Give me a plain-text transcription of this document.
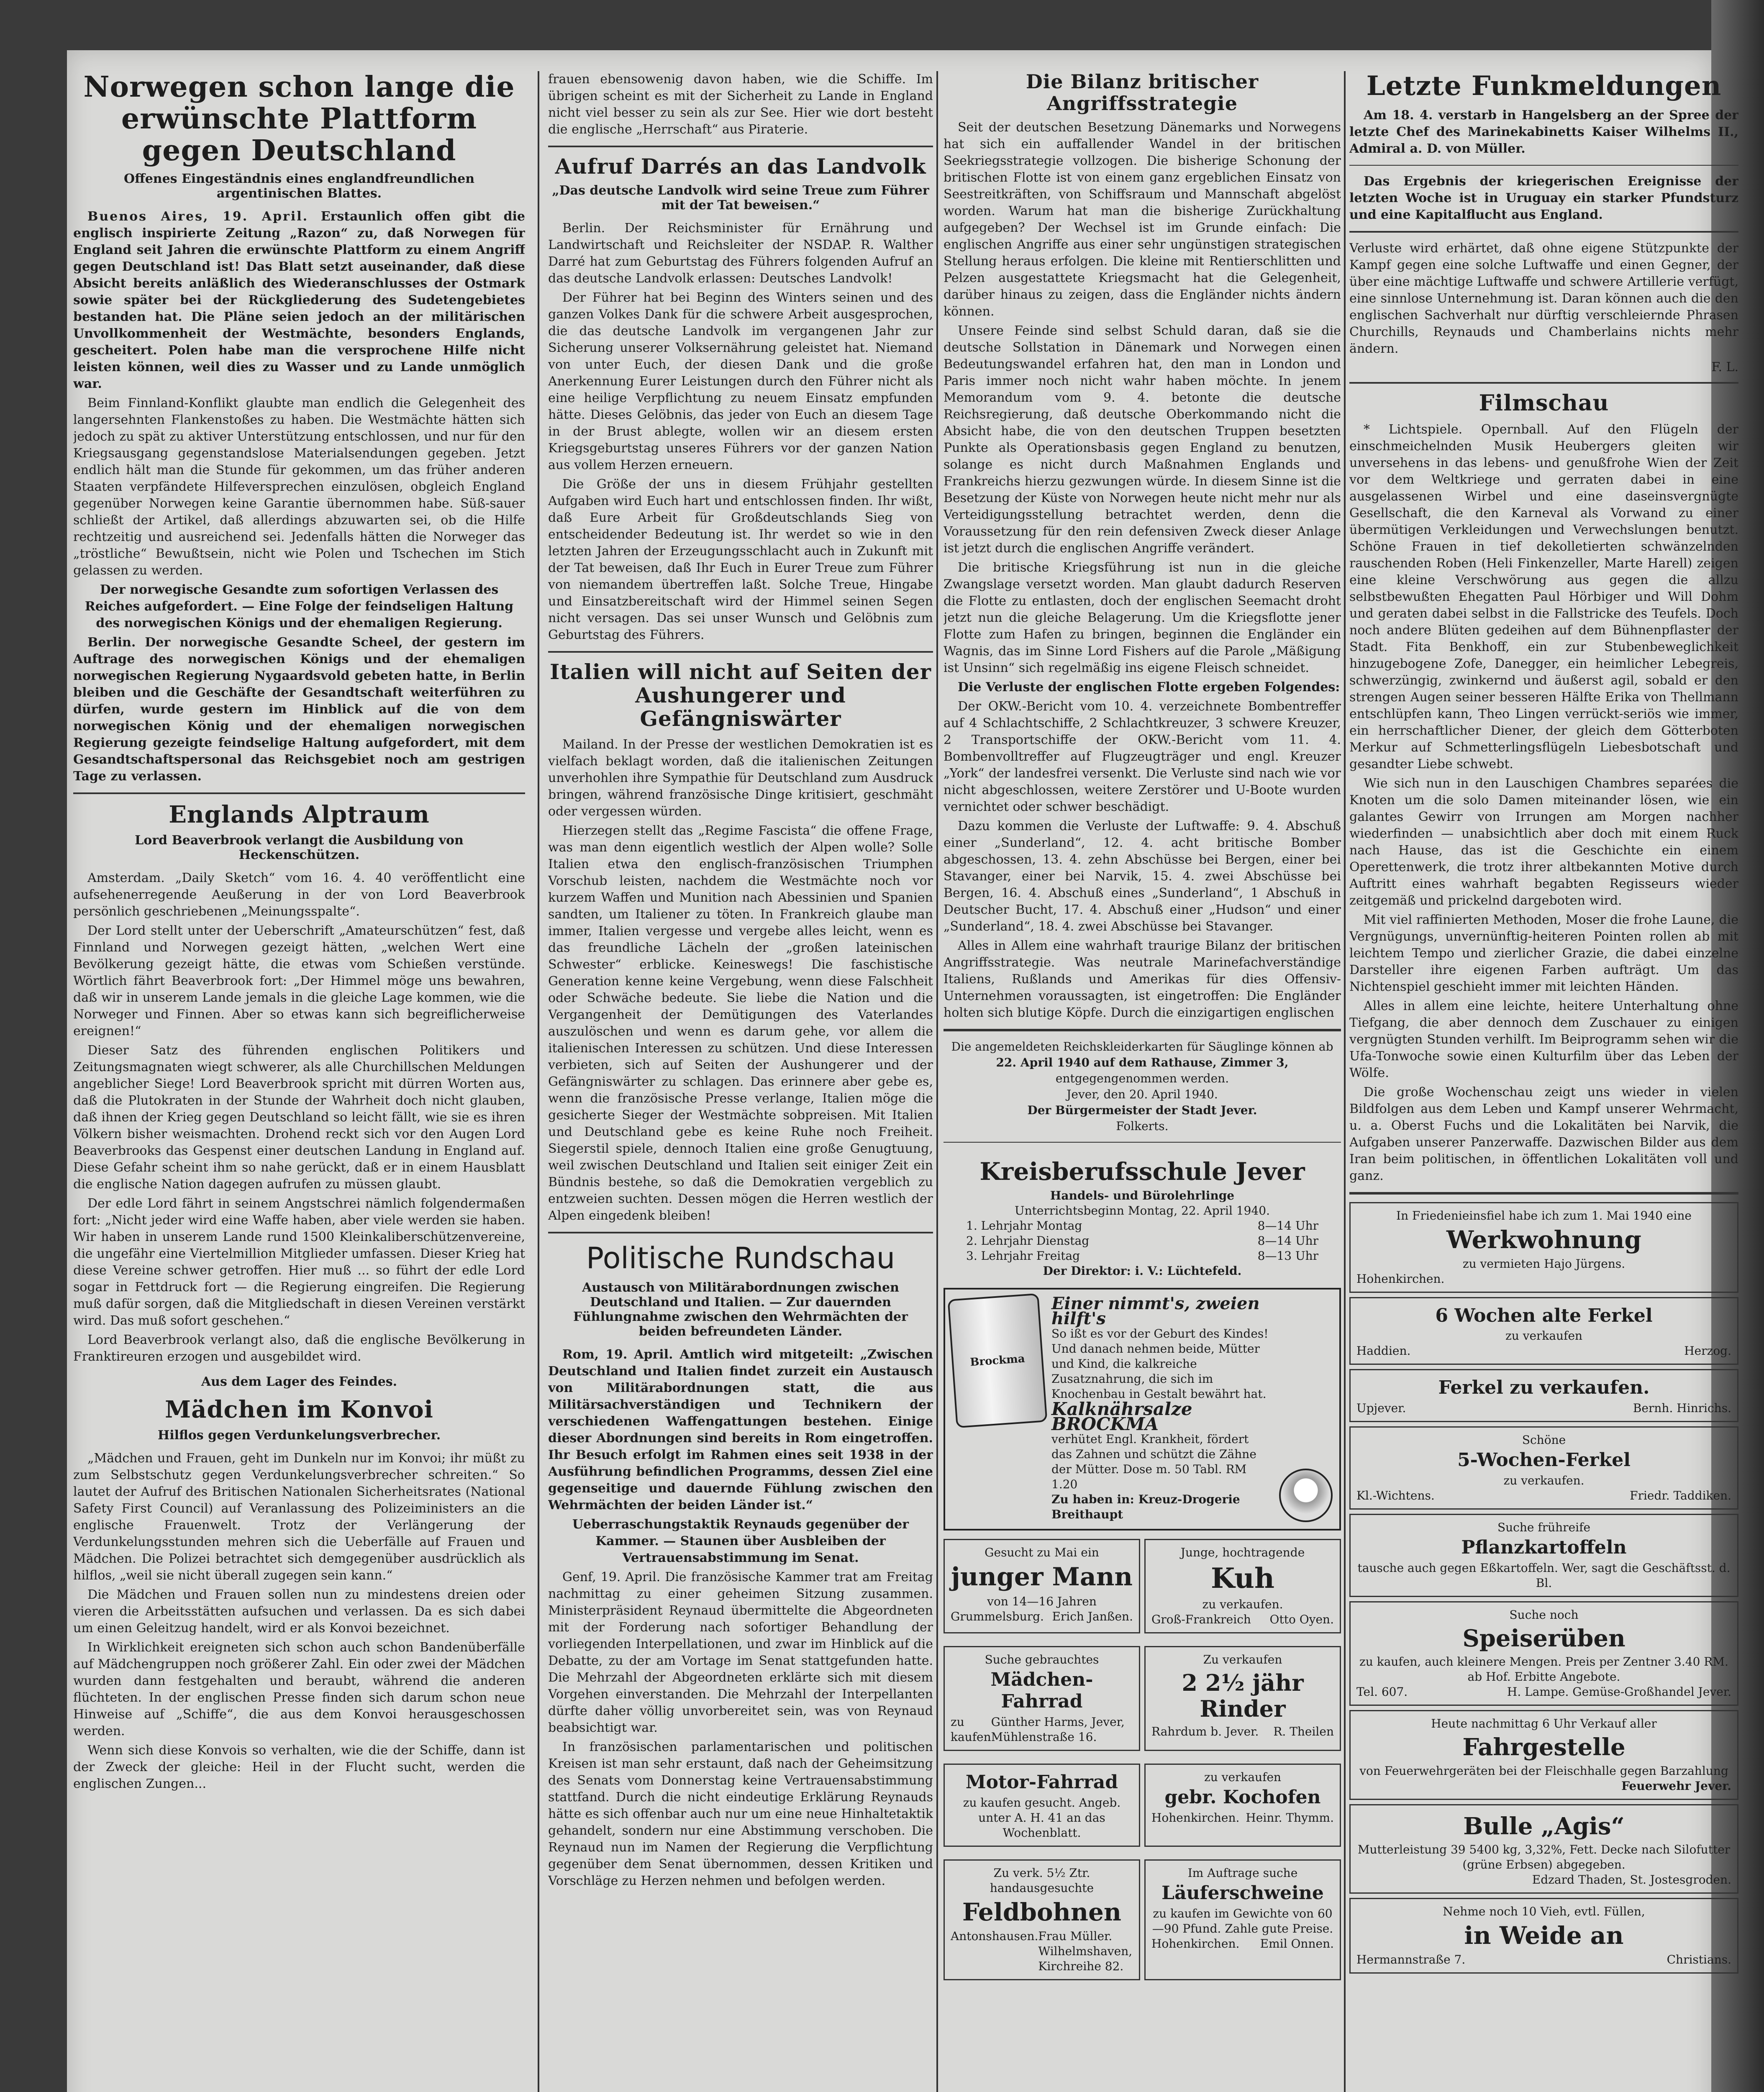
Norwegen schon lange die erwünschte Plattform gegen Deutschland
Offenes Eingeständnis eines englandfreundlichen argentinischen Blattes.

Buenos Aires, 19. April. Erstaunlich offen gibt die englisch inspirierte Zeitung „Razon“ zu, daß Norwegen für England seit Jahren die erwünschte Plattform zu einem Angriff gegen Deutschland ist! Das Blatt setzt auseinander, daß diese Absicht bereits anläßlich des Wiederanschlusses der Ostmark sowie später bei der Rückgliederung des Sudetengebietes bestanden hat. Die Pläne seien jedoch an der militärischen Unvollkommenheit der Westmächte, besonders Englands, gescheitert. Polen habe man die versprochene Hilfe nicht leisten können, weil dies zu Wasser und zu Lande unmöglich war.

Beim Finnland-Konflikt glaubte man endlich die Gelegenheit des langersehnten Flankenstoßes zu haben. Die Westmächte hätten sich jedoch zu spät zu aktiver Unterstützung entschlossen, und nur für den Kriegsausgang gegenstandslose Materialsendungen gegeben. Jetzt endlich hält man die Stunde für gekommen, um das früher anderen Staaten verpfändete Hilfeversprechen einzulösen, obgleich England gegenüber Norwegen keine Garantie übernommen habe. Süß-sauer schließt der Artikel, daß allerdings abzuwarten sei, ob die Hilfe rechtzeitig und ausreichend sei. Jedenfalls hätten die Norweger das „tröstliche“ Bewußtsein, nicht wie Polen und Tschechen im Stich gelassen zu werden.

Der norwegische Gesandte zum sofortigen Verlassen des Reiches aufgefordert. — Eine Folge der feindseligen Haltung des norwegischen Königs und der ehemaligen Regierung.

Berlin. Der norwegische Gesandte Scheel, der gestern im Auftrage des norwegischen Königs und der ehemaligen norwegischen Regierung Nygaardsvold gebeten hatte, in Berlin bleiben und die Geschäfte der Gesandtschaft weiterführen zu dürfen, wurde gestern im Hinblick auf die von dem norwegischen König und der ehemaligen norwegischen Regierung gezeigte feindselige Haltung aufgefordert, mit dem Gesandtschaftspersonal das Reichsgebiet noch am gestrigen Tage zu verlassen.

Englands Alptraum
Lord Beaverbrook verlangt die Ausbildung von Heckenschützen.

Amsterdam. „Daily Sketch“ vom 16. 4. 40 veröffentlicht eine aufsehenerregende Aeußerung in der von Lord Beaverbrook persönlich geschriebenen „Meinungsspalte“.

Der Lord stellt unter der Ueberschrift „Amateurschützen“ fest, daß Finnland und Norwegen gezeigt hätten, „welchen Wert eine Bevölkerung gezeigt hätte, die etwas vom Schießen verstünde. Wörtlich fährt Beaverbrook fort: „Der Himmel möge uns bewahren, daß wir in unserem Lande jemals in die gleiche Lage kommen, wie die Norweger und Finnen. Aber so etwas kann sich begreiflicherweise ereignen!“

Dieser Satz des führenden englischen Politikers und Zeitungsmagnaten wiegt schwerer, als alle Churchillschen Meldungen angeblicher Siege! Lord Beaverbrook spricht mit dürren Worten aus, daß die Plutokraten in der Stunde der Wahrheit doch nicht glauben, daß ihnen der Krieg gegen Deutschland so leicht fällt, wie sie es ihren Völkern bisher weismachten. Drohend reckt sich vor den Augen Lord Beaverbrooks das Gespenst einer deutschen Landung in England auf. Diese Gefahr scheint ihm so nahe gerückt, daß er in einem Hausblatt die englische Nation dagegen aufrufen zu müssen glaubt.

Der edle Lord fährt in seinem Angstschrei nämlich folgendermaßen fort: „Nicht jeder wird eine Waffe haben, aber viele werden sie haben. Wir haben in unserem Lande rund 1500 Kleinkaliberschützenvereine, die ungefähr eine Viertelmillion Mitglieder umfassen. Dieser Krieg hat diese Vereine schwer getroffen. Hier muß ... so führt der edle Lord sogar in Fettdruck fort — die Regierung eingreifen. Die Regierung muß dafür sorgen, daß die Mitgliedschaft in diesen Vereinen verstärkt wird. Das muß sofort geschehen.“

Lord Beaverbrook verlangt also, daß die englische Bevölkerung in Franktireuren erzogen und ausgebildet wird.

Aus dem Lager des Feindes.
Mädchen im Konvoi
Hilflos gegen Verdunkelungsverbrecher.

„Mädchen und Frauen, geht im Dunkeln nur im Konvoi; ihr müßt zu zum Selbstschutz gegen Verdunkelungsverbrecher schreiten.“ So lautet der Aufruf des Britischen Nationalen Sicherheitsrates (National Safety First Council) auf Veranlassung des Polizeiministers an die englische Frauenwelt. Trotz der Verlängerung der Verdunkelungsstunden mehren sich die Ueberfälle auf Frauen und Mädchen. Die Polizei betrachtet sich demgegenüber ausdrücklich als hilflos, „weil sie nicht überall zugegen sein kann.“

Die Mädchen und Frauen sollen nun zu mindestens dreien oder vieren die Arbeitsstätten aufsuchen und verlassen. Da es sich dabei um einen Geleitzug handelt, wird er als Konvoi bezeichnet.

In Wirklichkeit ereigneten sich schon auch schon Bandenüberfälle auf Mädchengruppen noch größerer Zahl. Ein oder zwei der Mädchen wurden dann festgehalten und beraubt, während die anderen flüchteten. In der englischen Presse finden sich darum schon neue Hinweise auf „Schiffe“, die aus dem Konvoi herausgeschossen werden.

Wenn sich diese Konvois so verhalten, wie die der Schiffe, dann ist der Zweck der gleiche: Heil in der Flucht sucht, werden die englischen Zungen...

frauen ebensowenig davon haben, wie die Schiffe. Im übrigen scheint es mit der Sicherheit zu Lande in England nicht viel besser zu sein als zur See. Hier wie dort besteht die englische „Herrschaft“ aus Piraterie.

Aufruf Darrés an das Landvolk
„Das deutsche Landvolk wird seine Treue zum Führer mit der Tat beweisen.“

Berlin. Der Reichsminister für Ernährung und Landwirtschaft und Reichsleiter der NSDAP. R. Walther Darré hat zum Geburtstag des Führers folgenden Aufruf an das deutsche Landvolk erlassen: Deutsches Landvolk!

Der Führer hat bei Beginn des Winters seinen und des ganzen Volkes Dank für die schwere Arbeit ausgesprochen, die das deutsche Landvolk im vergangenen Jahr zur Sicherung unserer Volksernährung geleistet hat. Niemand von unter Euch, der diesen Dank und die große Anerkennung Eurer Leistungen durch den Führer nicht als eine heilige Verpflichtung zu neuem Einsatz empfunden hätte. Dieses Gelöbnis, das jeder von Euch an diesem Tage in der Brust ablegte, wollen wir an diesem ersten Kriegsgeburtstag unseres Führers vor der ganzen Nation aus vollem Herzen erneuern.

Die Größe der uns in diesem Frühjahr gestellten Aufgaben wird Euch hart und entschlossen finden. Ihr wißt, daß Eure Arbeit für Großdeutschlands Sieg von entscheidender Bedeutung ist. Ihr werdet so wie in den letzten Jahren der Erzeugungsschlacht auch in Zukunft mit der Tat beweisen, daß Ihr Euch in Eurer Treue zum Führer von niemandem übertreffen laßt. Solche Treue, Hingabe und Einsatzbereitschaft wird der Himmel seinen Segen nicht versagen. Das sei unser Wunsch und Gelöbnis zum Geburtstag des Führers.

Italien will nicht auf Seiten der Aushungerer und Gefängniswärter

Mailand. In der Presse der westlichen Demokratien ist es vielfach beklagt worden, daß die italienischen Zeitungen unverhohlen ihre Sympathie für Deutschland zum Ausdruck bringen, während französische Dinge kritisiert, geschmäht oder vergessen würden.

Hierzegen stellt das „Regime Fascista“ die offene Frage, was man denn eigentlich westlich der Alpen wolle? Solle Italien etwa den englisch-französischen Triumphen Vorschub leisten, nachdem die Westmächte noch vor kurzem Waffen und Munition nach Abessinien und Spanien sandten, um Italiener zu töten. In Frankreich glaube man immer, Italien vergesse und vergebe alles leicht, wenn es das freundliche Lächeln der „großen lateinischen Schwester“ erblicke. Keineswegs! Die faschistische Generation kenne keine Vergebung, wenn diese Falschheit oder Schwäche bedeute. Sie liebe die Nation und die Vergangenheit der Demütigungen des Vaterlandes auszulöschen und wenn es darum gehe, vor allem die italienischen Interessen zu schützen. Und diese Interessen verbieten, sich auf Seiten der Aushungerer und der Gefängniswärter zu schlagen. Das erinnere aber gebe es, wenn die französische Presse verlange, Italien möge die gesicherte Sieger der Westmächte sobpreisen. Mit Italien und Deutschland gebe es keine Ruhe noch Freiheit. Siegerstil spiele, dennoch Italien eine große Genugtuung, weil zwischen Deutschland und Italien seit einiger Zeit ein Bündnis bestehe, so daß die Demokratien vergeblich zu entzweien suchten. Dessen mögen die Herren westlich der Alpen eingedenk bleiben!

Politische Rundschau
Austausch von Militärabordnungen zwischen Deutschland und Italien. — Zur dauernden Fühlungnahme zwischen den Wehrmächten der beiden befreundeten Länder.

Rom, 19. April. Amtlich wird mitgeteilt: „Zwischen Deutschland und Italien findet zurzeit ein Austausch von Militärabordnungen statt, die aus Militärsachverständigen und Technikern der verschiedenen Waffengattungen bestehen. Einige dieser Abordnungen sind bereits in Rom eingetroffen. Ihr Besuch erfolgt im Rahmen eines seit 1938 in der Ausführung befindlichen Programms, dessen Ziel eine gegenseitige und dauernde Fühlung zwischen den Wehrmächten der beiden Länder ist.“

Ueberraschungstaktik Reynauds gegenüber der Kammer. — Staunen über Ausbleiben der Vertrauensabstimmung im Senat.

Genf, 19. April. Die französische Kammer trat am Freitag nachmittag zu einer geheimen Sitzung zusammen. Ministerpräsident Reynaud übermittelte die Abgeordneten mit der Forderung nach sofortiger Behandlung der vorliegenden Interpellationen, und zwar im Hinblick auf die Debatte, zu der am Vortage im Senat stattgefunden hatte. Die Mehrzahl der Abgeordneten erklärte sich mit diesem Vorgehen einverstanden. Die Mehrzahl der Interpellanten dürfte daher völlig unvorbereitet sein, was von Reynaud beabsichtigt war.

In französischen parlamentarischen und politischen Kreisen ist man sehr erstaunt, daß nach der Geheimsitzung des Senats vom Donnerstag keine Vertrauensabstimmung stattfand. Durch die nicht eindeutige Erklärung Reynauds hätte es sich offenbar auch nur um eine neue Hinhaltetaktik gehandelt, sondern nur eine Abstimmung verschoben. Die Reynaud nun im Namen der Regierung die Verpflichtung gegenüber dem Senat übernommen, dessen Kritiken und Vorschläge zu Herzen nehmen und befolgen werden.

Die Bilanz britischer Angriffsstrategie

Seit der deutschen Besetzung Dänemarks und Norwegens hat sich ein auffallender Wandel in der britischen Seekriegsstrategie vollzogen. Die bisherige Schonung der britischen Flotte ist von einem ganz ergeblichen Einsatz von Seestreitkräften, von Schiffsraum und Mannschaft abgelöst worden. Warum hat man die bisherige Zurückhaltung aufgegeben? Der Wechsel ist im Grunde einfach: Die englischen Angriffe aus einer sehr ungünstigen strategischen Stellung heraus erfolgen. Die kleine mit Rentierschlitten und Pelzen ausgestattete Kriegsmacht hat die Gelegenheit, darüber hinaus zu zeigen, dass die Engländer nichts ändern können.

Unsere Feinde sind selbst Schuld daran, daß sie die deutsche Sollstation in Dänemark und Norwegen einen Bedeutungswandel erfahren hat, den man in London und Paris immer noch nicht wahr haben möchte. In jenem Memorandum vom 9. 4. betonte die deutsche Reichsregierung, daß deutsche Oberkommando nicht die Absicht habe, die von den deutschen Truppen besetzten Punkte als Operationsbasis gegen England zu benutzen, solange es nicht durch Maßnahmen Englands und Frankreichs hierzu gezwungen würde. In diesem Sinne ist die Besetzung der Küste von Norwegen heute nicht mehr nur als Verteidigungsstellung betrachtet werden, denn die Voraussetzung für den rein defensiven Zweck dieser Anlage ist jetzt durch die englischen Angriffe verändert.

Die britische Kriegsführung ist nun in die gleiche Zwangslage versetzt worden. Man glaubt dadurch Reserven die Flotte zu entlasten, doch der englischen Seemacht droht jetzt nun die gleiche Belagerung. Um die Kriegsflotte jener Flotte zum Hafen zu bringen, beginnen die Engländer ein Wagnis, das im Sinne Lord Fishers auf die Parole „Mäßigung ist Unsinn“ sich regelmäßig ins eigene Fleisch schneidet.

Die Verluste der englischen Flotte ergeben Folgendes:

Der OKW.-Bericht vom 10. 4. verzeichnete Bombentreffer auf 4 Schlachtschiffe, 2 Schlachtkreuzer, 3 schwere Kreuzer, 2 Transportschiffe der OKW.-Bericht vom 11. 4. Bombenvolltreffer auf Flugzeugträger und engl. Kreuzer „York“ der landesfrei versenkt. Die Verluste sind nach wie vor nicht abgeschlossen, weitere Zerstörer und U-Boote wurden vernichtet oder schwer beschädigt.

Dazu kommen die Verluste der Luftwaffe: 9. 4. Abschuß einer „Sunderland“, 12. 4. acht britische Bomber abgeschossen, 13. 4. zehn Abschüsse bei Bergen, einer bei Stavanger, einer bei Narvik, 15. 4. zwei Abschüsse bei Bergen, 16. 4. Abschuß eines „Sunderland“, 1 Abschuß in Deutscher Bucht, 17. 4. Abschuß einer „Hudson“ und einer „Sunderland“, 18. 4. zwei Abschüsse bei Stavanger.

Alles in Allem eine wahrhaft traurige Bilanz der britischen Angriffsstrategie. Was neutrale Marinefachverständige Italiens, Rußlands und Amerikas für dies Offensiv-Unternehmen voraussagten, ist eingetroffen: Die Engländer holten sich blutige Köpfe. Durch die einzigartigen englischen

Die angemeldeten Reichskleiderkarten für Säuglinge können ab
22. April 1940 auf dem Rathause, Zimmer 3,
entgegengenommen werden.
Jever, den 20. April 1940.
Der Bürgermeister der Stadt Jever.
Folkerts.
Kreisberufsschule Jever
Handels- und Bürolehrlinge
Unterrichtsbeginn Montag, 22. April 1940.
1. Lehrjahr Montag	8—14 Uhr
2. Lehrjahr Dienstag	8—14 Uhr
3. Lehrjahr Freitag	8—13 Uhr
Der Direktor: i. V.: Lüchtefeld.
Brockma
Einer nimmt's, zweien hilft's
So ißt es vor der Geburt des Kindes! Und danach nehmen beide, Mütter und Kind, die kalkreiche Zusatznahrung, die sich im Knochenbau in Gestalt bewährt hat.
Kalknährsalze BROCKMA
verhütet Engl. Krankheit, fördert das Zahnen und schützt die Zähne der Mütter. Dose m. 50 Tabl. RM 1.20
Zu haben in: Kreuz-Drogerie Breithaupt
Gesucht zu Mai ein
junger Mann
von 14—16 Jahren
Grummelsburg. Erich Janßen.
Junge, hochtragende
Kuh
zu verkaufen.
Groß-Frankreich Otto Oyen.
Suche gebrauchtes
Mädchen-Fahrrad
zu kaufen
Günther Harms, Jever, Mühlenstraße 16.
Zu verkaufen
2 2½ jähr Rinder
Rahrdum b. Jever. R. Theilen
Motor-Fahrrad
zu kaufen gesucht. Angeb. unter A. H. 41 an das Wochenblatt.
zu verkaufen
gebr. Kochofen
Hohenkirchen. Heinr. Thymm.
Zu verk. 5½ Ztr. handausgesuchte
Feldbohnen
Antonshausen. Frau Müller. Wilhelmshaven, Kirchreihe 82.
Im Auftrage suche
Läuferschweine
zu kaufen im Gewichte von 60—90 Pfund. Zahle gute Preise.
Hohenkirchen. Emil Onnen.
Letzte Funkmeldungen

Am 18. 4. verstarb in Hangelsberg an der Spree der letzte Chef des Marinekabinetts Kaiser Wilhelms II., Admiral a. D. von Müller.

Das Ergebnis der kriegerischen Ereignisse der letzten Woche ist in Uruguay ein starker Pfundsturz und eine Kapitalflucht aus England.

Verluste wird erhärtet, daß ohne eigene Stützpunkte der Kampf gegen eine solche Luftwaffe und einen Gegner, der über eine mächtige Luftwaffe und schwere Artillerie verfügt, eine sinnlose Unternehmung ist. Daran können auch die den englischen Sachverhalt nur dürftig verschleiernde Phrasen Churchills, Reynauds und Chamberlains nichts mehr ändern.

F. L.
Filmschau

* Lichtspiele. Opernball. Auf den Flügeln der einschmeichelnden Musik Heubergers gleiten wir unversehens in das lebens- und genußfrohe Wien der Zeit vor dem Weltkriege und gerraten dabei in eine ausgelassenen Wirbel und eine daseinsvergnügte Gesellschaft, die den Karneval als Vorwand zu einer übermütigen Verkleidungen und Verwechslungen benutzt. Schöne Frauen in tief dekolletierten schwänzelnden rauschenden Roben (Heli Finkenzeller, Marte Harell) zeigen eine kleine Verschwörung aus gegen die allzu selbstbewußten Ehegatten Paul Hörbiger und Will Dohm und geraten dabei selbst in die Fallstricke des Teufels. Doch noch andere Blüten gedeihen auf dem Bühnenpflaster der Stadt. Fita Benkhoff, ein zur Stubenbeweglichkeit hinzugebogene Zofe, Danegger, ein heimlicher Lebegreis, schwerzüngig, zwinkernd und äußerst agil, sobald er den strengen Augen seiner besseren Hälfte Erika von Thellmann entschlüpfen kann, Theo Lingen verrückt-seriös wie immer, ein herrschaftlicher Diener, der gleich dem Götterboten Merkur auf Schmetterlingsflügeln Liebesbotschaft und gesandter Liebe schwebt.

Wie sich nun in den Lauschigen Chambres separées die Knoten um die solo Damen miteinander lösen, wie ein galantes Gewirr von Irrungen am Morgen nachher wiederfinden — unabsichtlich aber doch mit einem Ruck nach Hause, das ist die Geschichte ein einem Operettenwerk, die trotz ihrer altbekannten Motive durch Auftritt eines wahrhaft begabten Regisseurs wieder zeitgemäß und prickelnd dargeboten wird.

Mit viel raffinierten Methoden, Moser die frohe Laune, die Vergnügungs, unvernünftig-heiteren Pointen rollen ab mit leichtem Tempo und zierlicher Grazie, die dabei einzelne Darsteller ihre eigenen Farben aufträgt. Um das Nichtenspiel geschieht immer mit leichten Händen.

Alles in allem eine leichte, heitere Unterhaltung ohne Tiefgang, die aber dennoch dem Zuschauer zu einigen vergnügten Stunden verhilft. Im Beiprogramm sehen wir die Ufa-Tonwoche sowie einen Kulturfilm über das Leben der Wölfe.

Die große Wochenschau zeigt uns wieder in vielen Bildfolgen aus dem Leben und Kampf unserer Wehrmacht, u. a. Oberst Fuchs und die Lokalitäten bei Narvik, die Aufgaben unserer Panzerwaffe. Dazwischen Bilder aus dem Iran beim politischen, in öffentlichen Lokalitäten voll und ganz.

In Friedenieinsfiel habe ich zum 1. Mai 1940 eine
Werkwohnung
zu vermieten Hajo Jürgens.
Hohenkirchen.
6 Wochen alte Ferkel
zu verkaufen
Haddien.	Herzog.
Ferkel zu verkaufen.
Upjever.	Bernh. Hinrichs.
Schöne
5-Wochen-Ferkel
zu verkaufen.
Kl.-Wichtens.	Friedr. Taddiken.
Suche frühreife
Pflanzkartoffeln
tausche auch gegen Eßkartoffeln. Wer, sagt die Geschäftsst. d. Bl.
Suche noch
Speiserüben
zu kaufen, auch kleinere Mengen. Preis per Zentner 3.40 RM. ab Hof. Erbitte Angebote.
Tel. 607.	H. Lampe. Gemüse-Großhandel Jever.
Heute nachmittag 6 Uhr Verkauf aller
Fahrgestelle
von Feuerwehrgeräten bei der Fleischhalle gegen Barzahlung
Feuerwehr Jever.
Bulle „Agis“
Mutterleistung 39 5400 kg, 3,32%, Fett. Decke nach Silofutter (grüne Erbsen) abgegeben.
Edzard Thaden, St. Jostesgroden.
Nehme noch 10 Vieh, evtl. Füllen,
in Weide an
Hermannstraße 7.	Christians.
